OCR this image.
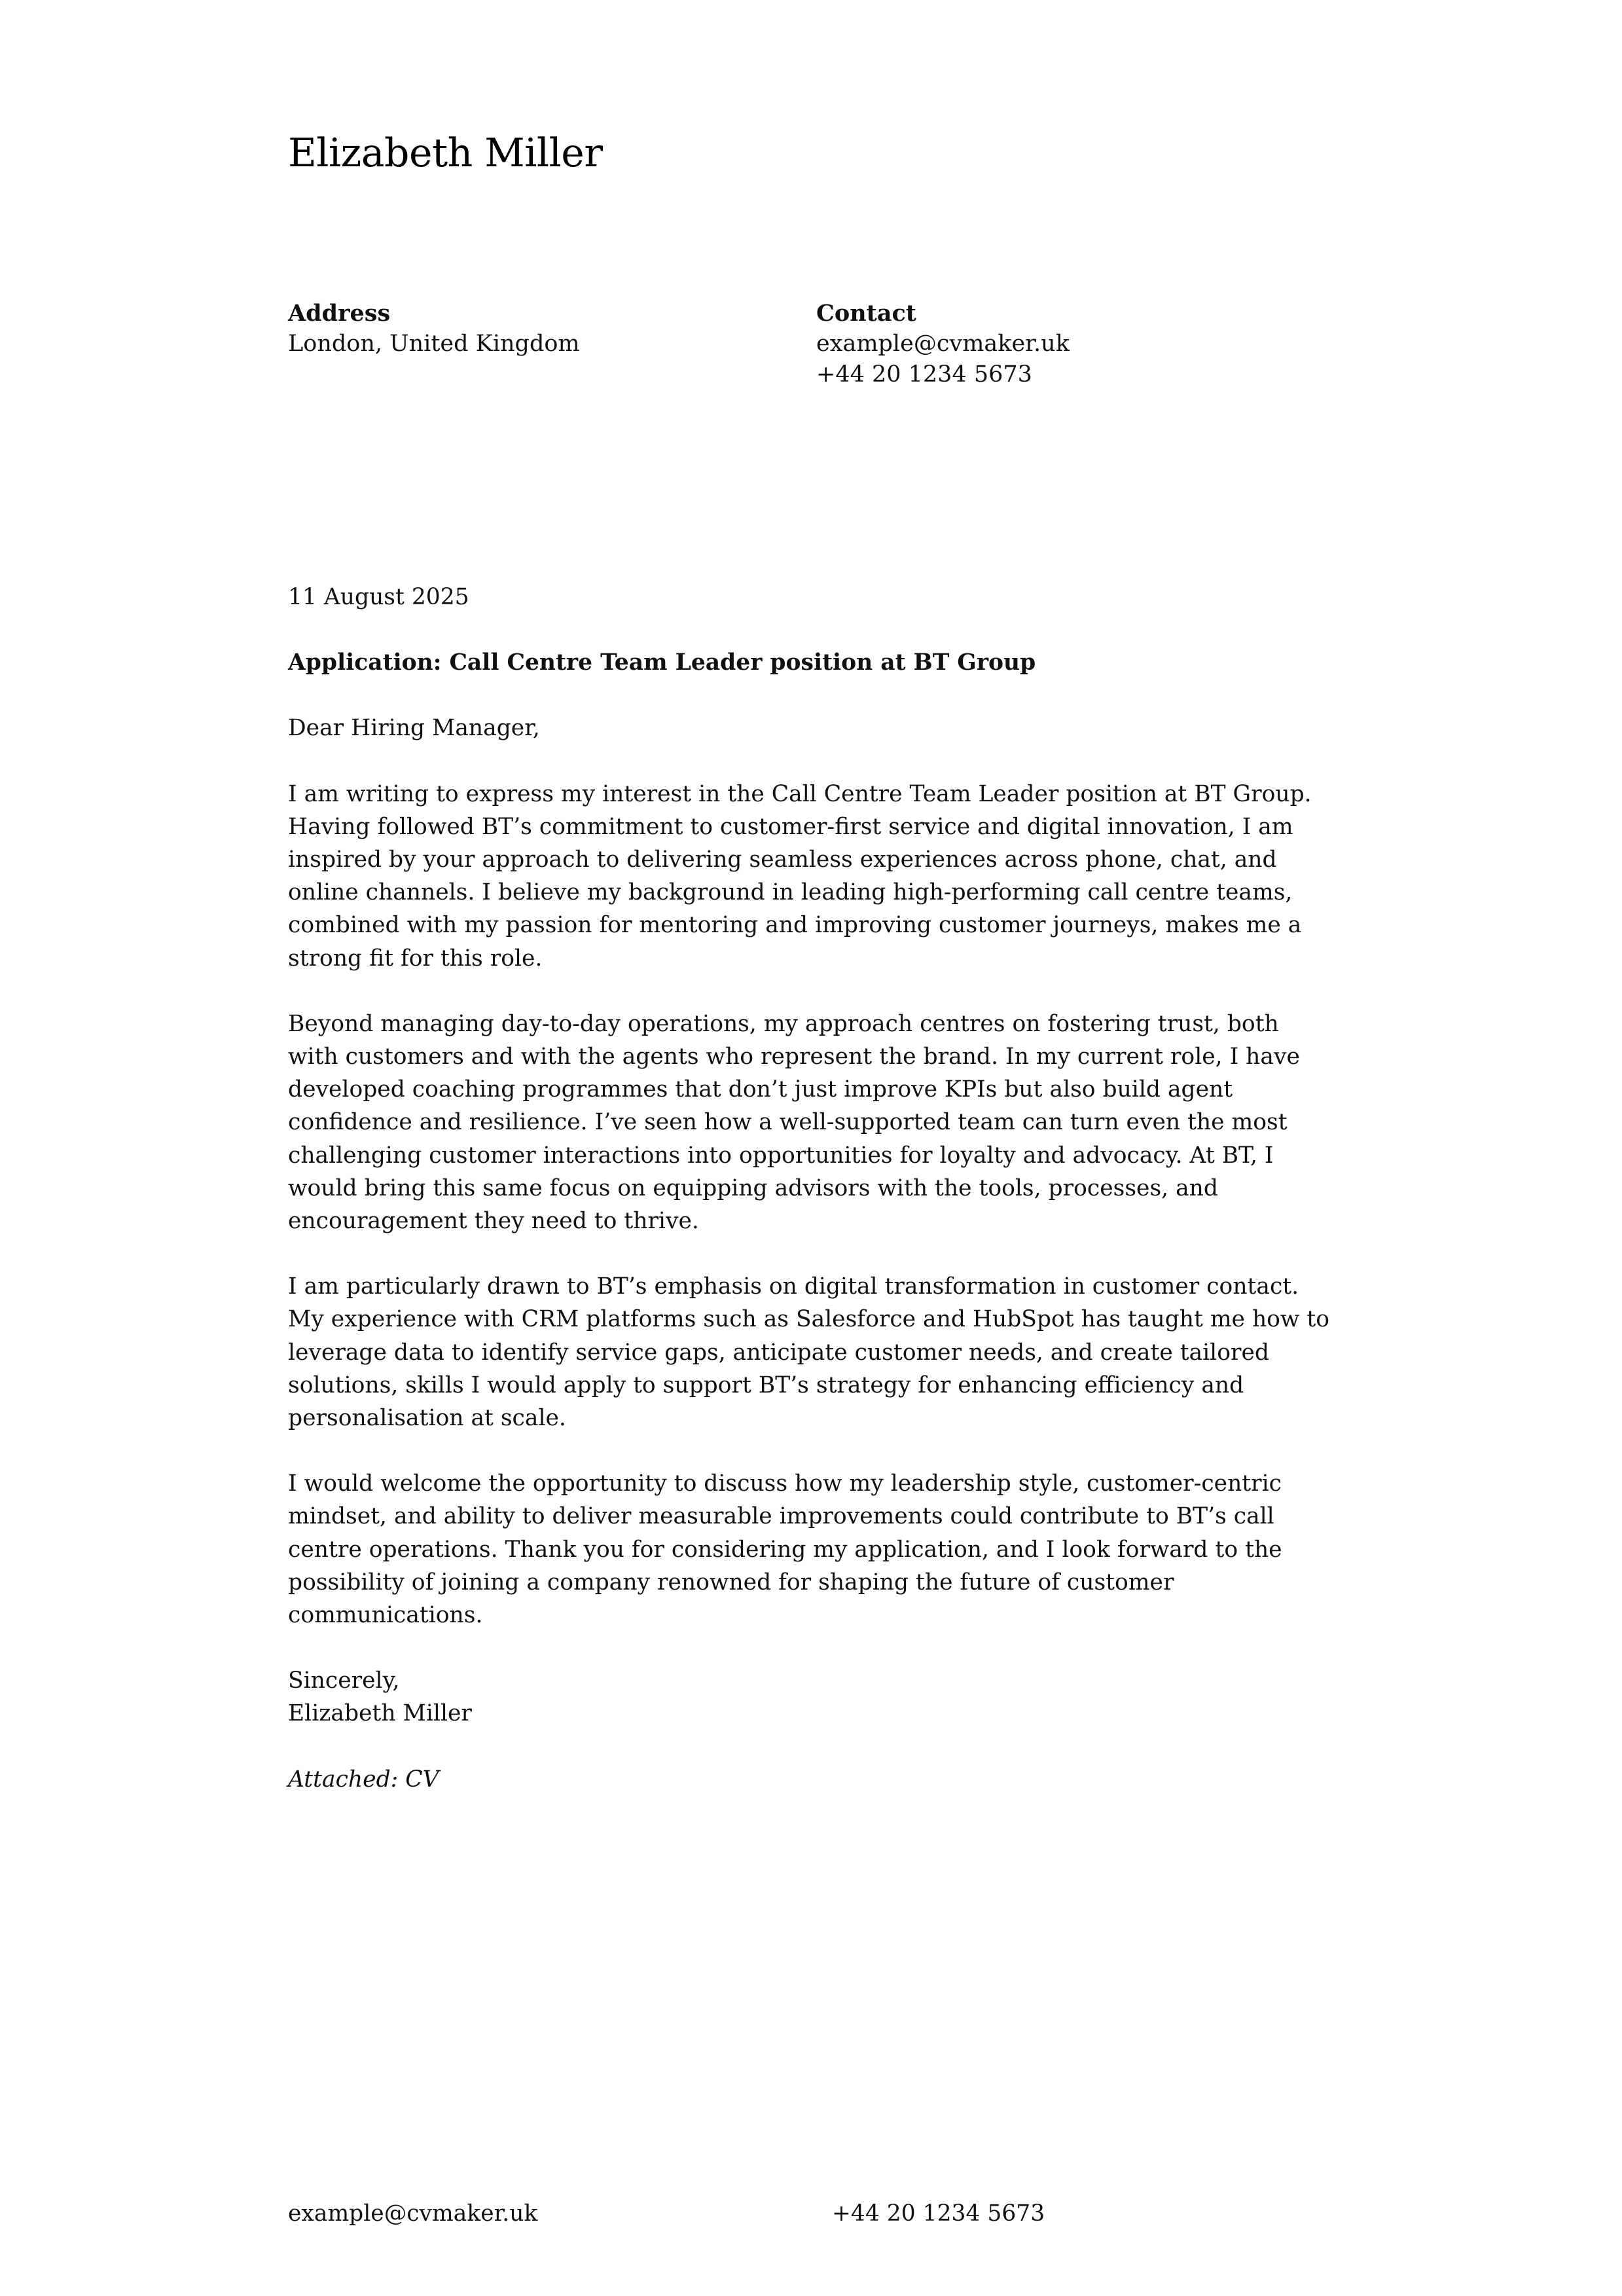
Elizabeth Miller
Address
London, United Kingdom
Contact
example@cvmaker.uk
+44 20 1234 5673

11 August 2025

Application: Call Centre Team Leader position at BT Group

Dear Hiring Manager,

I am writing to express my interest in the Call Centre Team Leader position at BT Group. Having followed BT’s commitment to customer-first service and digital innovation, I am inspired by your approach to delivering seamless experiences across phone, chat, and online channels. I believe my background in leading high-performing call centre teams, combined with my passion for mentoring and improving customer journeys, makes me a strong fit for this role.

Beyond managing day-to-day operations, my approach centres on fostering trust, both with customers and with the agents who represent the brand. In my current role, I have developed coaching programmes that don’t just improve KPIs but also build agent confidence and resilience. I’ve seen how a well-supported team can turn even the most challenging customer interactions into opportunities for loyalty and advocacy. At BT, I would bring this same focus on equipping advisors with the tools, processes, and encouragement they need to thrive.

I am particularly drawn to BT’s emphasis on digital transformation in customer contact. My experience with CRM platforms such as Salesforce and HubSpot has taught me how to leverage data to identify service gaps, anticipate customer needs, and create tailored solutions, skills I would apply to support BT’s strategy for enhancing efficiency and personalisation at scale.

I would welcome the opportunity to discuss how my leadership style, customer-centric mindset, and ability to deliver measurable improvements could contribute to BT’s call centre operations. Thank you for considering my application, and I look forward to the possibility of joining a company renowned for shaping the future of customer communications.

Sincerely,
Elizabeth Miller

Attached: CV

example@cvmaker.uk	+44 20 1234 5673
